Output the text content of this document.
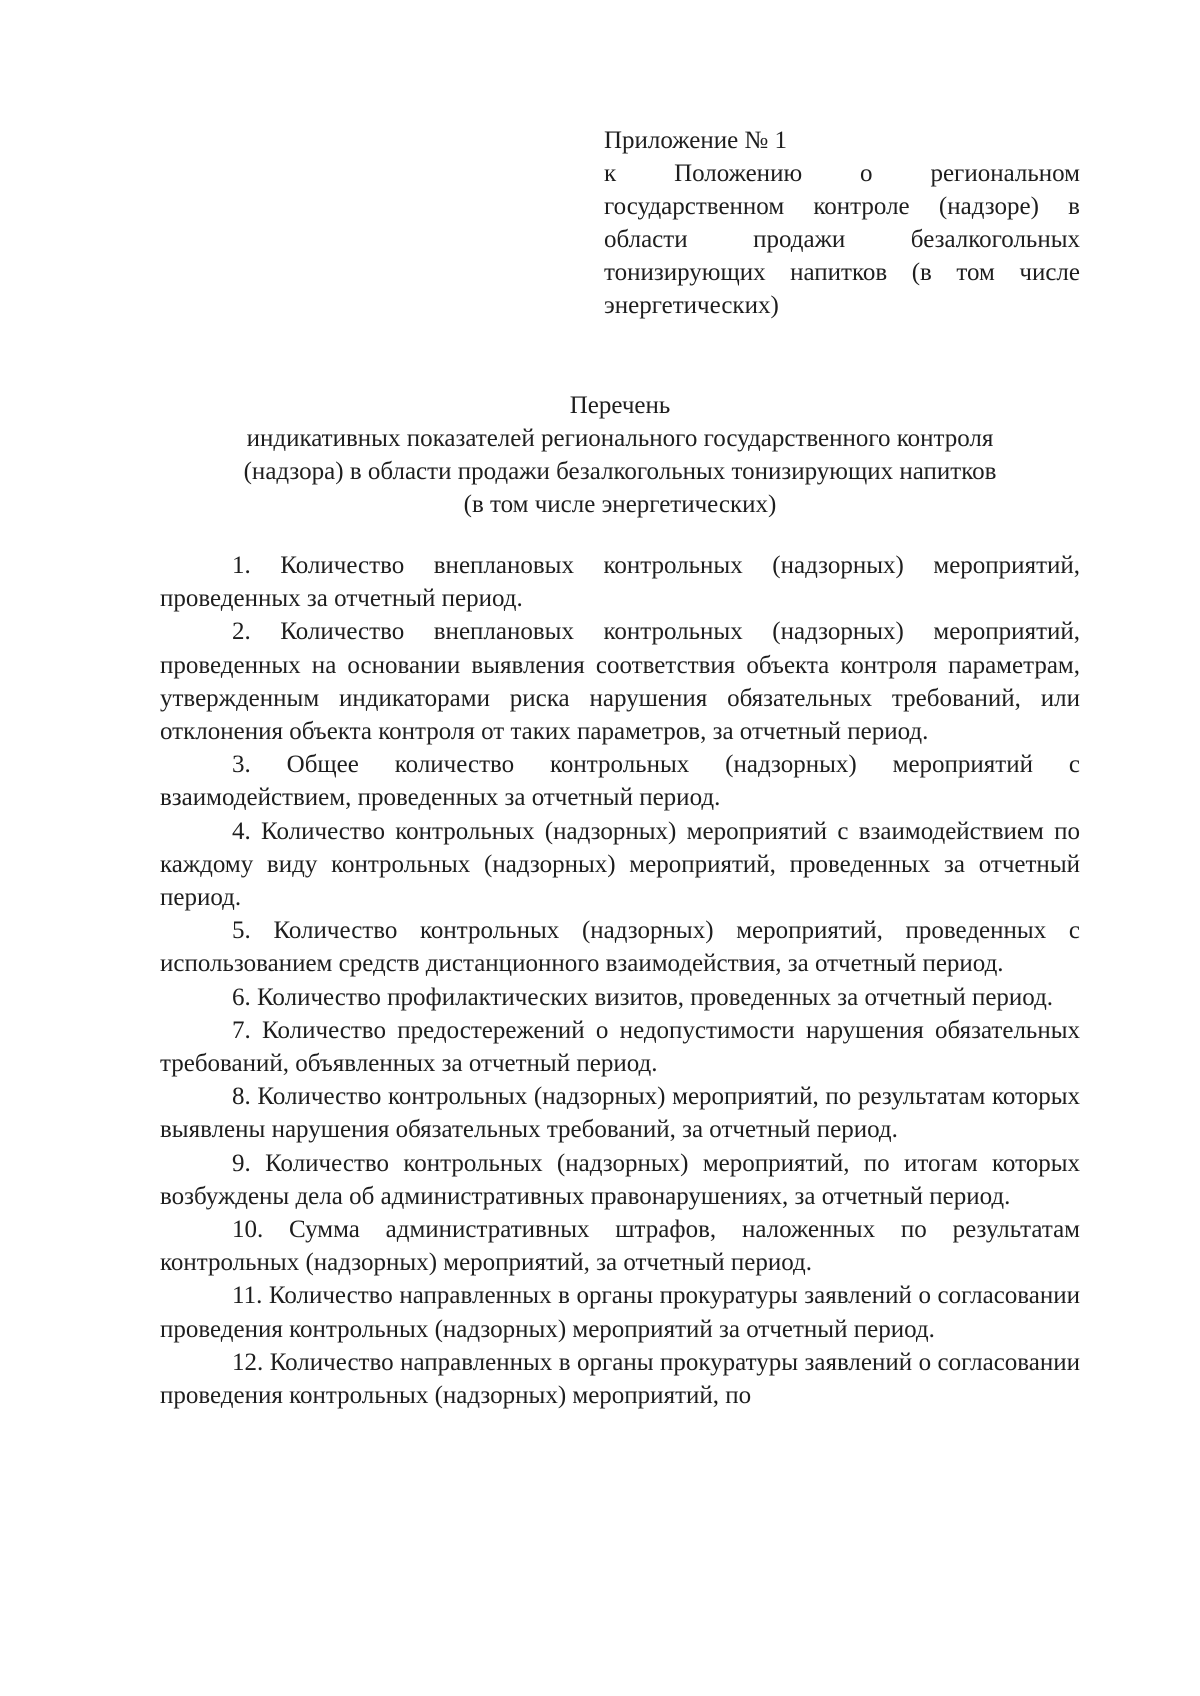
Приложение № 1
к Положению о региональном государственном контроле (надзоре) в области продажи безалкогольных тонизирующих напитков (в том числе энергетических)
Перечень
индикативных показателей регионального государственного контроля
(надзора) в области продажи безалкогольных тонизирующих напитков
(в том числе энергетических)

1. Количество внеплановых контрольных (надзорных) мероприятий, проведенных за отчетный период.

2. Количество внеплановых контрольных (надзорных) мероприятий, проведенных на основании выявления соответствия объекта контроля параметрам, утвержденным индикаторами риска нарушения обязательных требований, или отклонения объекта контроля от таких параметров, за отчетный период.

3. Общее количество контрольных (надзорных) мероприятий с взаимодействием, проведенных за отчетный период.

4. Количество контрольных (надзорных) мероприятий с взаимодействием по каждому виду контрольных (надзорных) мероприятий, проведенных за отчетный период.

5. Количество контрольных (надзорных) мероприятий, проведенных с использованием средств дистанционного взаимодействия, за отчетный период.

6. Количество профилактических визитов, проведенных за отчетный период.

7. Количество предостережений о недопустимости нарушения обязательных требований, объявленных за отчетный период.

8. Количество контрольных (надзорных) мероприятий, по результатам которых выявлены нарушения обязательных требований, за отчетный период.

9. Количество контрольных (надзорных) мероприятий, по итогам которых возбуждены дела об административных правонарушениях, за отчетный период.

10. Сумма административных штрафов, наложенных по результатам контрольных (надзорных) мероприятий, за отчетный период.

11. Количество направленных в органы прокуратуры заявлений о согласовании проведения контрольных (надзорных) мероприятий за отчетный период.

12. Количество направленных в органы прокуратуры заявлений о согласовании проведения контрольных (надзорных) мероприятий, по
